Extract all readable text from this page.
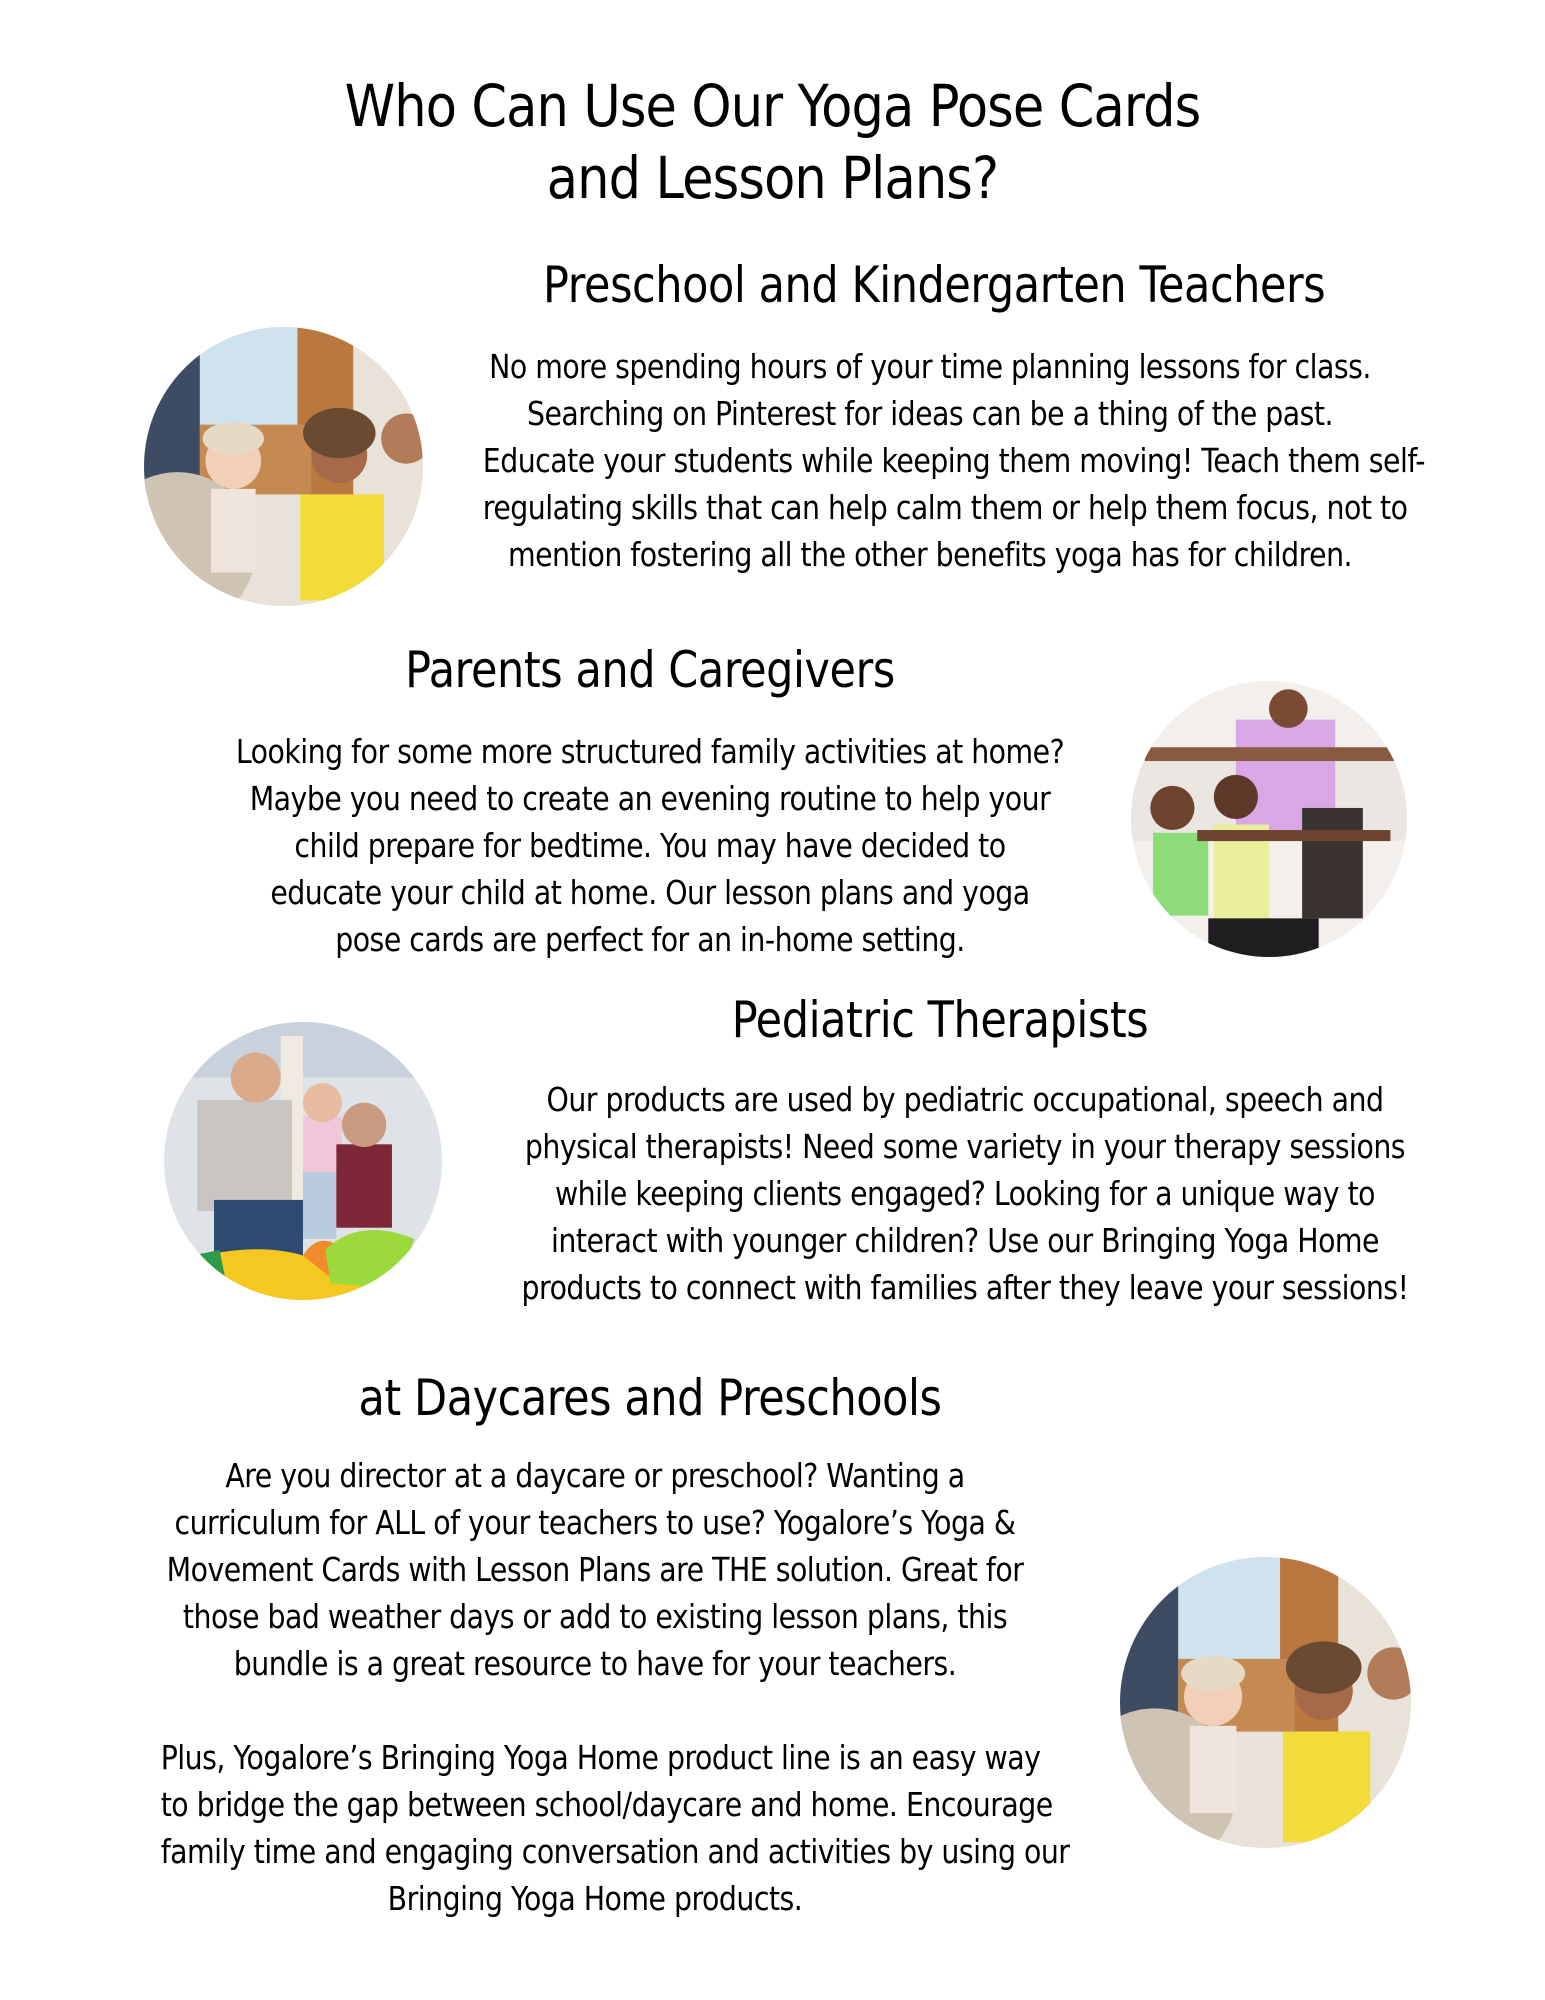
Who Can Use Our Yoga Pose Cards
and Lesson Plans?
Preschool and Kindergarten Teachers

No more spending hours of your time planning lessons for class.
Searching on Pinterest for ideas can be a thing of the past.
Educate your students while keeping them moving! Teach them self-
regulating skills that can help calm them or help them focus, not to
mention fostering all the other benefits yoga has for children.

Parents and Caregivers

Looking for some more structured family activities at home?
Maybe you need to create an evening routine to help your
child prepare for bedtime. You may have decided to
educate your child at home. Our lesson plans and yoga
pose cards are perfect for an in-home setting.

Pediatric Therapists

Our products are used by pediatric occupational, speech and
physical therapists! Need some variety in your therapy sessions
while keeping clients engaged? Looking for a unique way to
interact with younger children? Use our Bringing Yoga Home
products to connect with families after they leave your sessions!

at Daycares and Preschools

Are you director at a daycare or preschool? Wanting a
curriculum for ALL of your teachers to use? Yogalore’s Yoga &
Movement Cards with Lesson Plans are THE solution. Great for
those bad weather days or add to existing lesson plans, this
bundle is a great resource to have for your teachers.

Plus, Yogalore’s Bringing Yoga Home product line is an easy way
to bridge the gap between school/daycare and home. Encourage
family time and engaging conversation and activities by using our
Bringing Yoga Home products.
